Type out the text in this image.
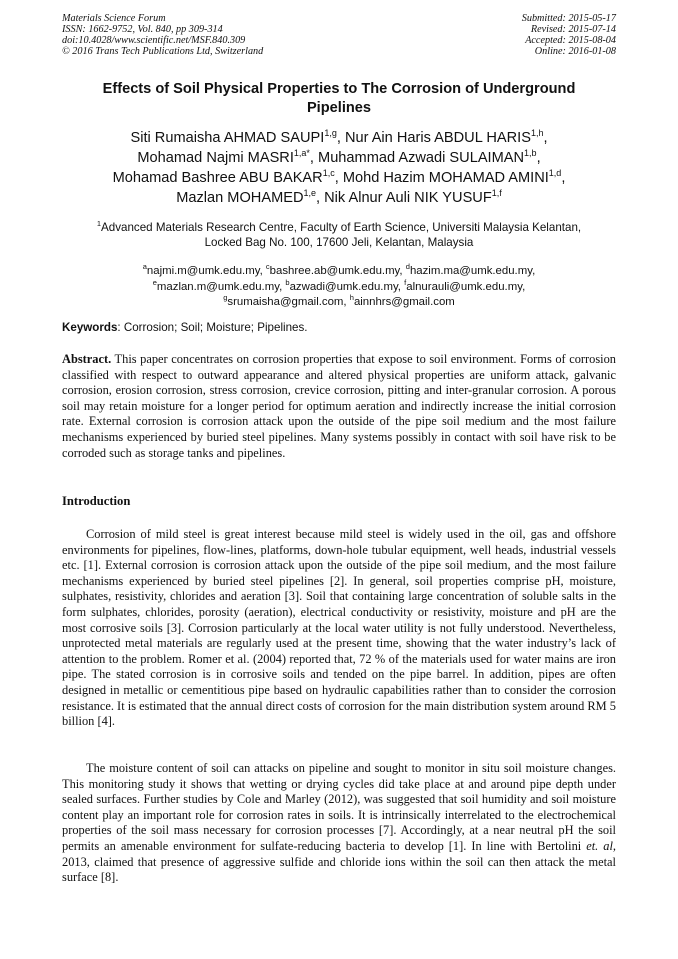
Materials Science Forum
ISSN: 1662-9752, Vol. 840, pp 309-314
doi:10.4028/www.scientific.net/MSF.840.309
© 2016 Trans Tech Publications Ltd, Switzerland
Submitted: 2015-05-17
Revised: 2015-07-14
Accepted: 2015-08-04
Online: 2016-01-08
Effects of Soil Physical Properties to The Corrosion of Underground
Pipelines
Siti Rumaisha AHMAD SAUPI$^{1,g}$, Nur Ain Haris ABDUL HARIS$^{1,h}$,
Mohamad Najmi $MASRI^{1,a*}$, Muhammad Azwadi SULAIMAN$^{1,b}$,
Mohamad Bashree ABU BAKAR$^{1,c}$, Mohd Hazim MOHAMAD AMINI$^{1,d}$,
Mazlan MOHAMED$^{1,e}$, Nik Alnur Auli NIK YUSUF$^{1,f}$
$^1$Advanced Materials Research Centre, Faculty of Earth Science, Universiti Malaysia Kelantan,
Locked Bag No. 100, 17600 Jeli, Kelantan, Malaysia
$^a$najmi.m@umk.edu.my, $^c$bashree.ab@umk.edu.my, $^d$hazim.ma@umk.edu.my,
$^e$mazlan.m@umk.edu.my, $^b$azwadi@umk.edu.my, $^f$alnurauli@umk.edu.my,
$^g$srumaisha@gmail.com, $^h$ainnhrs@gmail.com
Keywords: Corrosion; Soil; Moisture; Pipelines.
Abstract. This paper concentrates on corrosion properties that expose to soil environment. Forms of corrosion classified with respect to outward appearance and altered physical properties are uniform attack, galvanic corrosion, erosion corrosion, stress corrosion, crevice corrosion, pitting and inter-granular corrosion. A porous soil may retain moisture for a longer period for optimum aeration and indirectly increase the initial corrosion rate. External corrosion is corrosion attack upon the outside of the pipe soil medium and the most failure mechanisms experienced by buried steel pipelines. Many systems possibly in contact with soil have risk to be corroded such as storage tanks and pipelines.
Introduction
Corrosion of mild steel is great interest because mild steel is widely used in the oil, gas and offshore environments for pipelines, flow-lines, platforms, down-hole tubular equipment, well heads, industrial vessels etc. [1]. External corrosion is corrosion attack upon the outside of the pipe soil medium, and the most failure mechanisms experienced by buried steel pipelines [2]. In general, soil properties comprise pH, moisture, sulphates, resistivity, chlorides and aeration [3]. Soil that containing large concentration of soluble salts in the form sulphates, chlorides, porosity (aeration), electrical conductivity or resistivity, moisture and pH are the most corrosive soils [3]. Corrosion particularly at the local water utility is not fully understood. Nevertheless, unprotected metal materials are regularly used at the present time, showing that the water industry’s lack of attention to the problem. Romer et al. (2004) reported that, 72 % of the materials used for water mains are iron pipe. The stated corrosion is in corrosive soils and tended on the pipe barrel. In addition, pipes are often designed in metallic or cementitious pipe based on hydraulic capabilities rather than to consider the corrosion resistance. It is estimated that the annual direct costs of corrosion for the main distribution system around RM 5 billion [4].
The moisture content of soil can attacks on pipeline and sought to monitor in situ soil moisture changes. This monitoring study it shows that wetting or drying cycles did take place at and around pipe depth under sealed surfaces. Further studies by Cole and Marley (2012), was suggested that soil humidity and soil moisture content play an important role for corrosion rates in soils. It is intrinsically interrelated to the electrochemical properties of the soil mass necessary for corrosion processes [7]. Accordingly, at a near neutral pH the soil permits an amenable environment for sulfate-reducing bacteria to develop [1]. In line with Bertolini et. al, 2013, claimed that presence of aggressive sulfide and chloride ions within the soil can then attack the metal surface [8].
